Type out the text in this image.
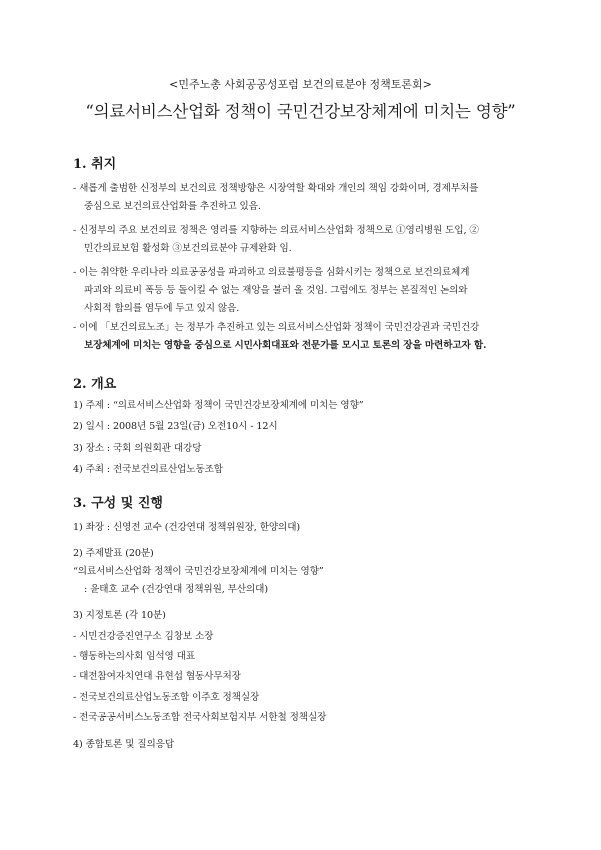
<민주노총 사회공공성포럼 보건의료분야 정책토론회>
“의료서비스산업화 정책이 국민건강보장체계에 미치는 영향”
1. 취지
- 새롭게 출범한 신정부의 보건의료 정책방향은 시장역할 확대와 개인의 책임 강화이며, 경제부처를
중심으로 보건의료산업화를 추진하고 있음.
- 신정부의 주요 보건의료 정책은 영리를 지향하는 의료서비스산업화 정책으로 ①영리병원 도입, ②
민간의료보험 활성화 ③보건의료분야 규제완화 임.
- 이는 취약한 우리나라 의료공공성을 파괴하고 의료불평등을 심화시키는 정책으로 보건의료체계
파괴와 의료비 폭등 등 돌이킬 수 없는 재앙을 불러 올 것임. 그럼에도 정부는 본질적인 논의와
사회적 합의를 염두에 두고 있지 않음.
- 이에 「보건의료노조」는 정부가 추진하고 있는 의료서비스산업화 정책이 국민건강권과 국민건강
보장체계에 미치는 영향을 중심으로 시민사회대표와 전문가를 모시고 토론의 장을 마련하고자 함.
2. 개요
1) 주제 : “의료서비스산업화 정책이 국민건강보장체계에 미치는 영향”
2) 일시 : 2008년 5월 23일(금) 오전10시 - 12시
3) 장소 : 국회 의원회관 대강당
4) 주최 : 전국보건의료산업노동조합
3. 구성 및 진행
1) 좌장 : 신영전 교수 (건강연대 정책위원장, 한양의대)
2) 주제발표 (20분)
“의료서비스산업화 정책이 국민건강보장체계에 미치는 영향”
: 윤태호 교수 (건강연대 정책위원, 부산의대)
3) 지정토론 (각 10분)
- 시민건강증진연구소 김창보 소장
- 행동하는의사회 임석영 대표
- 대전참여자치연대 유현섭 협동사무처장
- 전국보건의료산업노동조합 이주호 정책실장
- 전국공공서비스노동조합 전국사회보험지부 서한철 정책실장
4) 종합토론 및 질의응답
